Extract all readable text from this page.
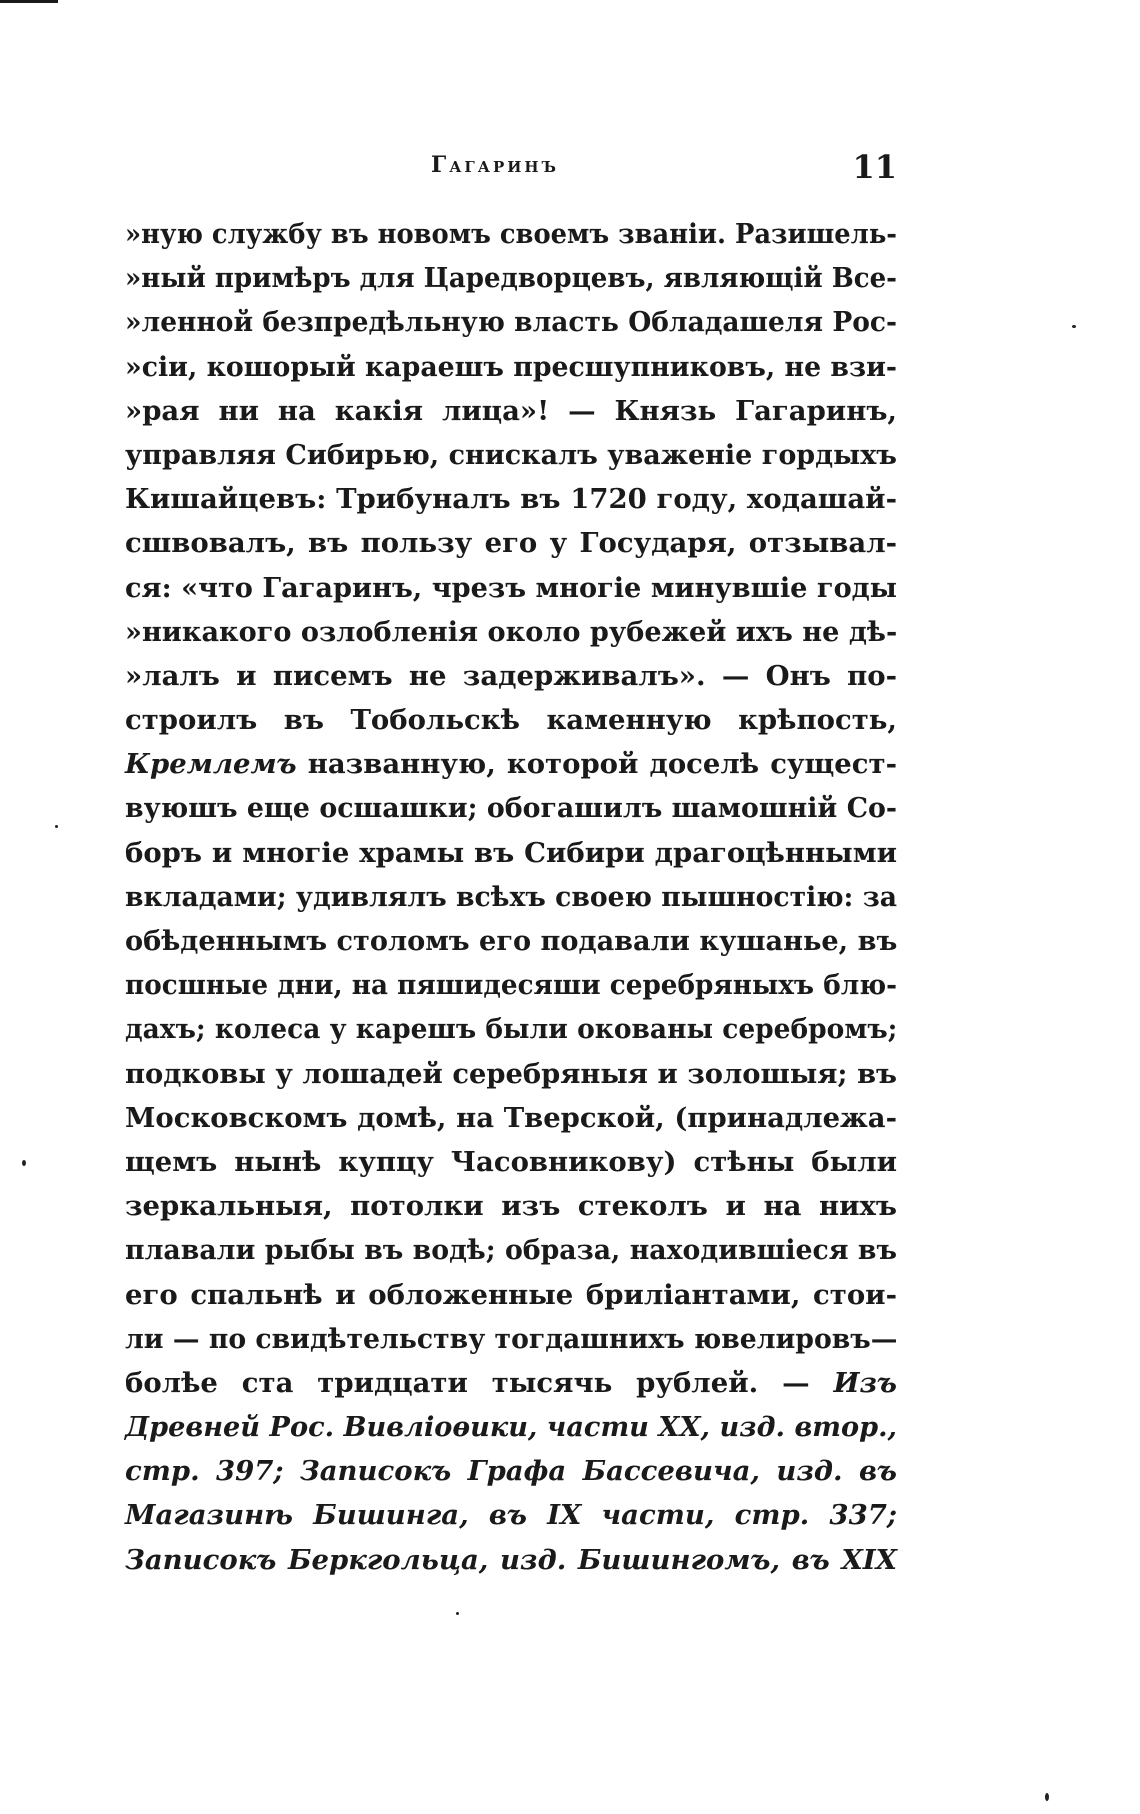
Гагаринъ	11
»ную службу въ новомъ своемъ званіи. Разишель-
»ный примѣръ для Царедворцевъ, являющій Все-
»ленной безпредѣльную власть Обладашеля Рос-
»сіи, кошорый караешъ пресшупниковъ, не взи-
»рая ни на какія лица»! — Князь Гагаринъ,
управляя Сибирью, снискалъ уваженіе гордыхъ
Кишайцевъ: Трибуналъ въ 1720 году, ходашай-
сшвовалъ, въ пользу его у Государя, отзывал-
ся: «что Гагаринъ, чрезъ многіе минувшіе годы
»никакого озлобленія около рубежей ихъ не дѣ-
»лалъ и писемъ не задерживалъ». — Онъ по-
строилъ въ Тобольскѣ каменную крѣпость,
Кремлемъ названную, которой доселѣ сущест-
вуюшъ еще осшашки; обогашилъ шамошній Со-
боръ и многіе храмы въ Сибири драгоцѣнными
вкладами; удивлялъ всѣхъ своею пышностію: за
обѣденнымъ столомъ его подавали кушанье, въ
посшные дни, на пяшидесяши серебряныхъ блю-
дахъ; колеса у карешъ были окованы серебромъ;
подковы у лошадей серебряныя и золошыя; въ
Московскомъ домѣ, на Тверской, (принадлежа-
щемъ нынѣ купцу Часовникову) стѣны были
зеркальныя, потолки изъ стеколъ и на нихъ
плавали рыбы въ водѣ; образа, находившіеся въ
его спальнѣ и обложенные бриліантами, стои-
ли — по свидѣтельству тогдашнихъ ювелировъ—
болѣе ста тридцати тысячь рублей. — Изъ
Древней Рос. Вивліоѳики, части XX, изд. втор.,
стр. 397; Записокъ Графа Бассевича, изд. въ
Магазинѣ Бишинга, въ IX части, стр. 337;
Записокъ Беркгольца, изд. Бишингомъ, въ XIX
